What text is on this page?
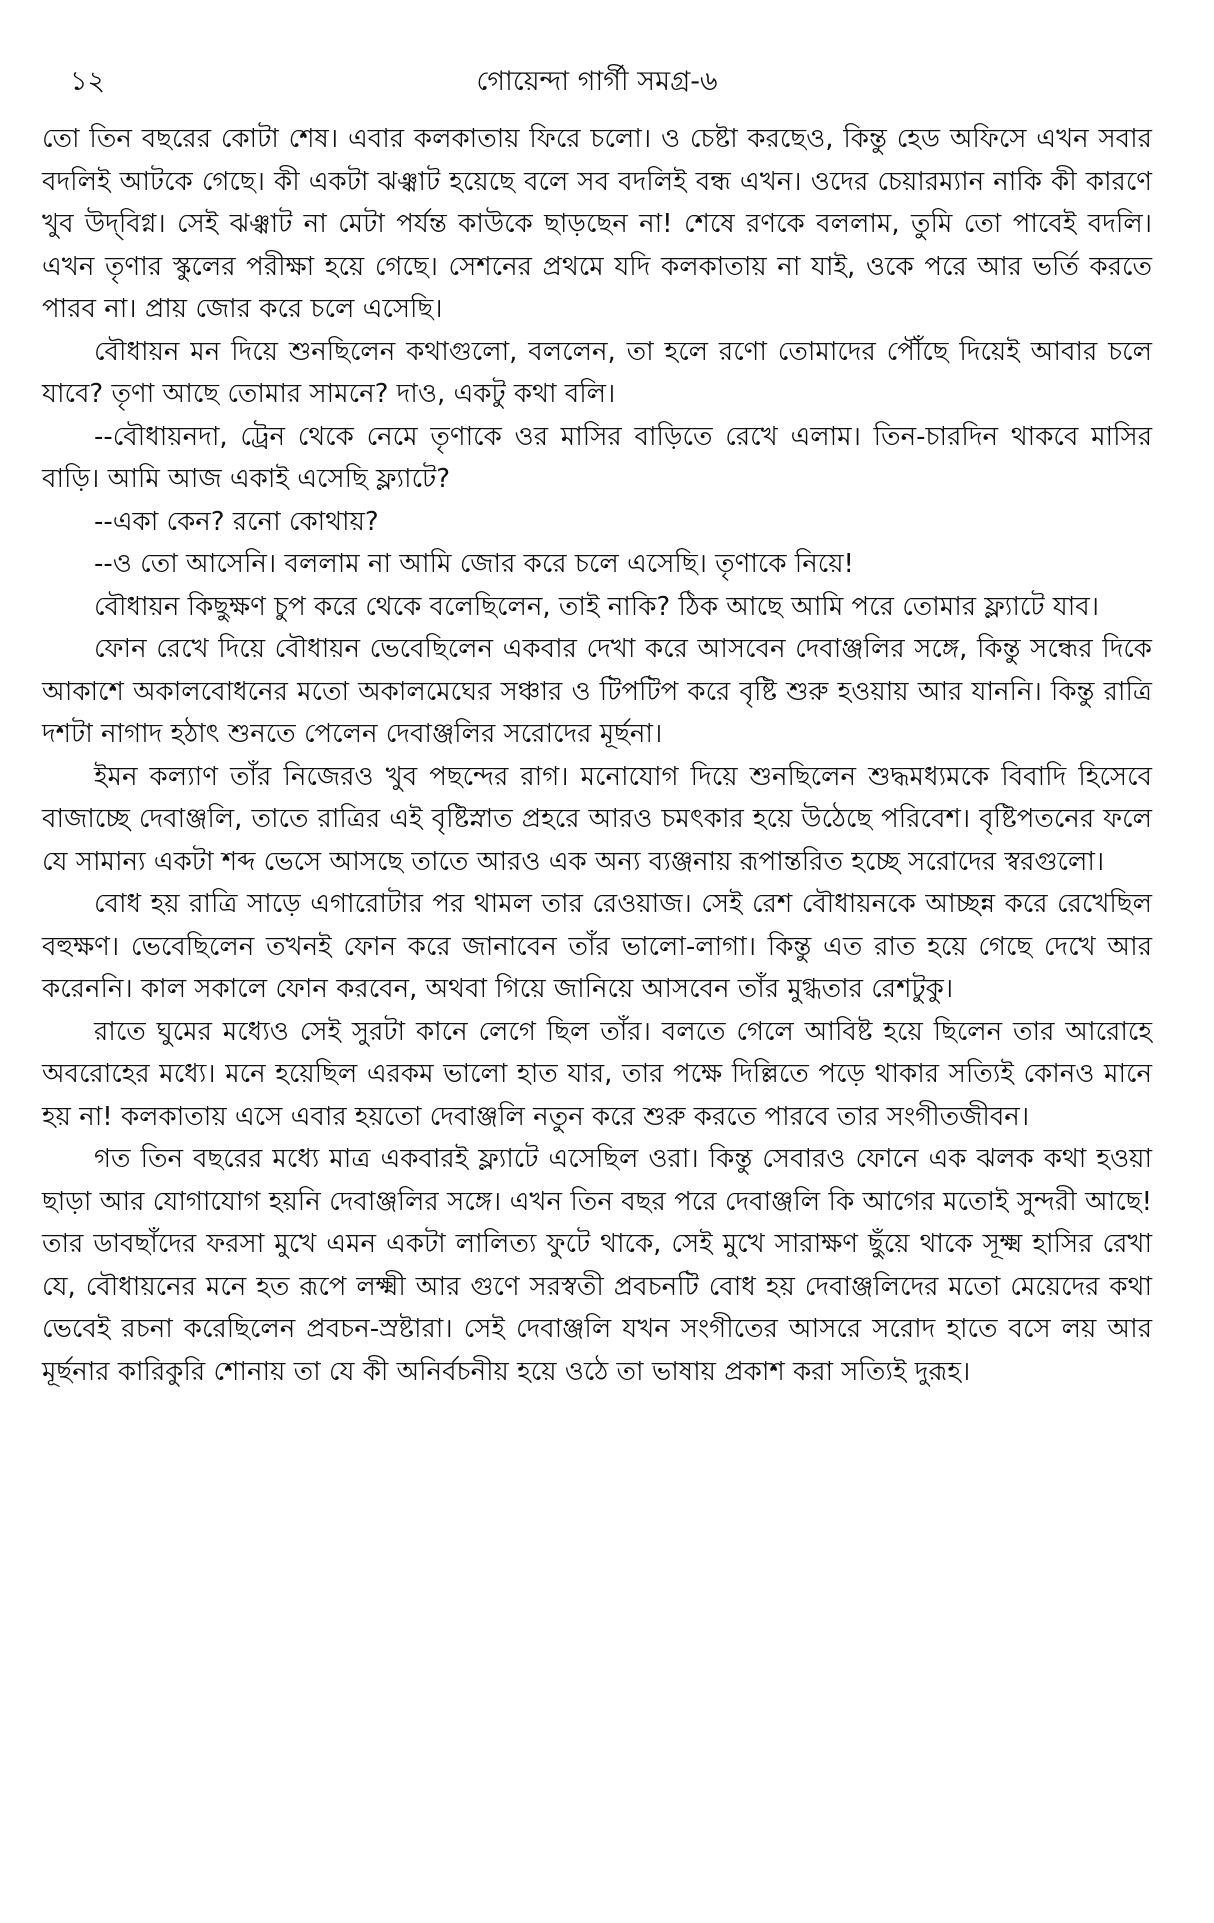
১২	গোয়েন্দা গার্গী সমগ্র-৬

তো তিন বছরের কোটা শেষ। এবার কলকাতায় ফিরে চলো। ও চেষ্টা করছেও, কিন্তু হেড অফিসে এখন সবার বদলিই আটকে গেছে। কী একটা ঝঞ্ঝাট হয়েছে বলে সব বদলিই বন্ধ এখন। ওদের চেয়ারম্যান নাকি কী কারণে খুব উদ্‌বিগ্ন। সেই ঝঞ্ঝাট না মেটা পর্যন্ত কাউকে ছাড়ছেন না! শেষে রণকে বললাম, তুমি তো পাবেই বদলি। এখন তৃণার স্কুলের পরীক্ষা হয়ে গেছে। সেশনের প্রথমে যদি কলকাতায় না যাই, ওকে পরে আর ভর্তি করতে পারব না। প্রায় জোর করে চলে এসেছি।

বৌধায়ন মন দিয়ে শুনছিলেন কথাগুলো, বললেন, তা হলে রণো তোমাদের পৌঁছে দিয়েই আবার চলে যাবে? তৃণা আছে তোমার সামনে? দাও, একটু কথা বলি।

--বৌধায়নদা, ট্রেন থেকে নেমে তৃণাকে ওর মাসির বাড়িতে রেখে এলাম। তিন-চারদিন থাকবে মাসির বাড়ি। আমি আজ একাই এসেছি ফ্ল্যাটে?

--একা কেন? রনো কোথায়?

--ও তো আসেনি। বললাম না আমি জোর করে চলে এসেছি। তৃণাকে নিয়ে!

বৌধায়ন কিছুক্ষণ চুপ করে থেকে বলেছিলেন, তাই নাকি? ঠিক আছে আমি পরে তোমার ফ্ল্যাটে যাব।

ফোন রেখে দিয়ে বৌধায়ন ভেবেছিলেন একবার দেখা করে আসবেন দেবাঞ্জলির সঙ্গে, কিন্তু সন্ধের দিকে আকাশে অকালবোধনের মতো অকালমেঘের সঞ্চার ও টিপটিপ করে বৃষ্টি শুরু হওয়ায় আর যাননি। কিন্তু রাত্রি দশটা নাগাদ হঠাৎ শুনতে পেলেন দেবাঞ্জলির সরোদের মূর্ছনা।

ইমন কল্যাণ তাঁর নিজেরও খুব পছন্দের রাগ। মনোযোগ দিয়ে শুনছিলেন শুদ্ধমধ্যমকে বিবাদি হিসেবে বাজাচ্ছে দেবাঞ্জলি, তাতে রাত্রির এই বৃষ্টিস্নাত প্রহরে আরও চমৎকার হয়ে উঠেছে পরিবেশ। বৃষ্টিপতনের ফলে যে সামান্য একটা শব্দ ভেসে আসছে তাতে আরও এক অন্য ব্যঞ্জনায় রূপান্তরিত হচ্ছে সরোদের স্বরগুলো।

বোধ হয় রাত্রি সাড়ে এগারোটার পর থামল তার রেওয়াজ। সেই রেশ বৌধায়নকে আচ্ছন্ন করে রেখেছিল বহুক্ষণ। ভেবেছিলেন তখনই ফোন করে জানাবেন তাঁর ভালো-লাগা। কিন্তু এত রাত হয়ে গেছে দেখে আর করেননি। কাল সকালে ফোন করবেন, অথবা গিয়ে জানিয়ে আসবেন তাঁর মুগ্ধতার রেশটুকু।

রাতে ঘুমের মধ্যেও সেই সুরটা কানে লেগে ছিল তাঁর। বলতে গেলে আবিষ্ট হয়ে ছিলেন তার আরোহে অবরোহের মধ্যে। মনে হয়েছিল এরকম ভালো হাত যার, তার পক্ষে দিল্লিতে পড়ে থাকার সত্যিই কোনও মানে হয় না! কলকাতায় এসে এবার হয়তো দেবাঞ্জলি নতুন করে শুরু করতে পারবে তার সংগীতজীবন।

গত তিন বছরের মধ্যে মাত্র একবারই ফ্ল্যাটে এসেছিল ওরা। কিন্তু সেবারও ফোনে এক ঝলক কথা হওয়া ছাড়া আর যোগাযোগ হয়নি দেবাঞ্জলির সঙ্গে। এখন তিন বছর পরে দেবাঞ্জলি কি আগের মতোই সুন্দরী আছে! তার ডাবছাঁদের ফরসা মুখে এমন একটা লালিত্য ফুটে থাকে, সেই মুখে সারাক্ষণ ছুঁয়ে থাকে সূক্ষ্ম হাসির রেখা যে, বৌধায়নের মনে হত রূপে লক্ষ্মী আর গুণে সরস্বতী প্রবচনটি বোধ হয় দেবাঞ্জলিদের মতো মেয়েদের কথা ভেবেই রচনা করেছিলেন প্রবচন-স্রষ্টারা। সেই দেবাঞ্জলি যখন সংগীতের আসরে সরোদ হাতে বসে লয় আর মূর্ছনার কারিকুরি শোনায় তা যে কী অনির্বচনীয় হয়ে ওঠে তা ভাষায় প্রকাশ করা সত্যিই দুরূহ।
